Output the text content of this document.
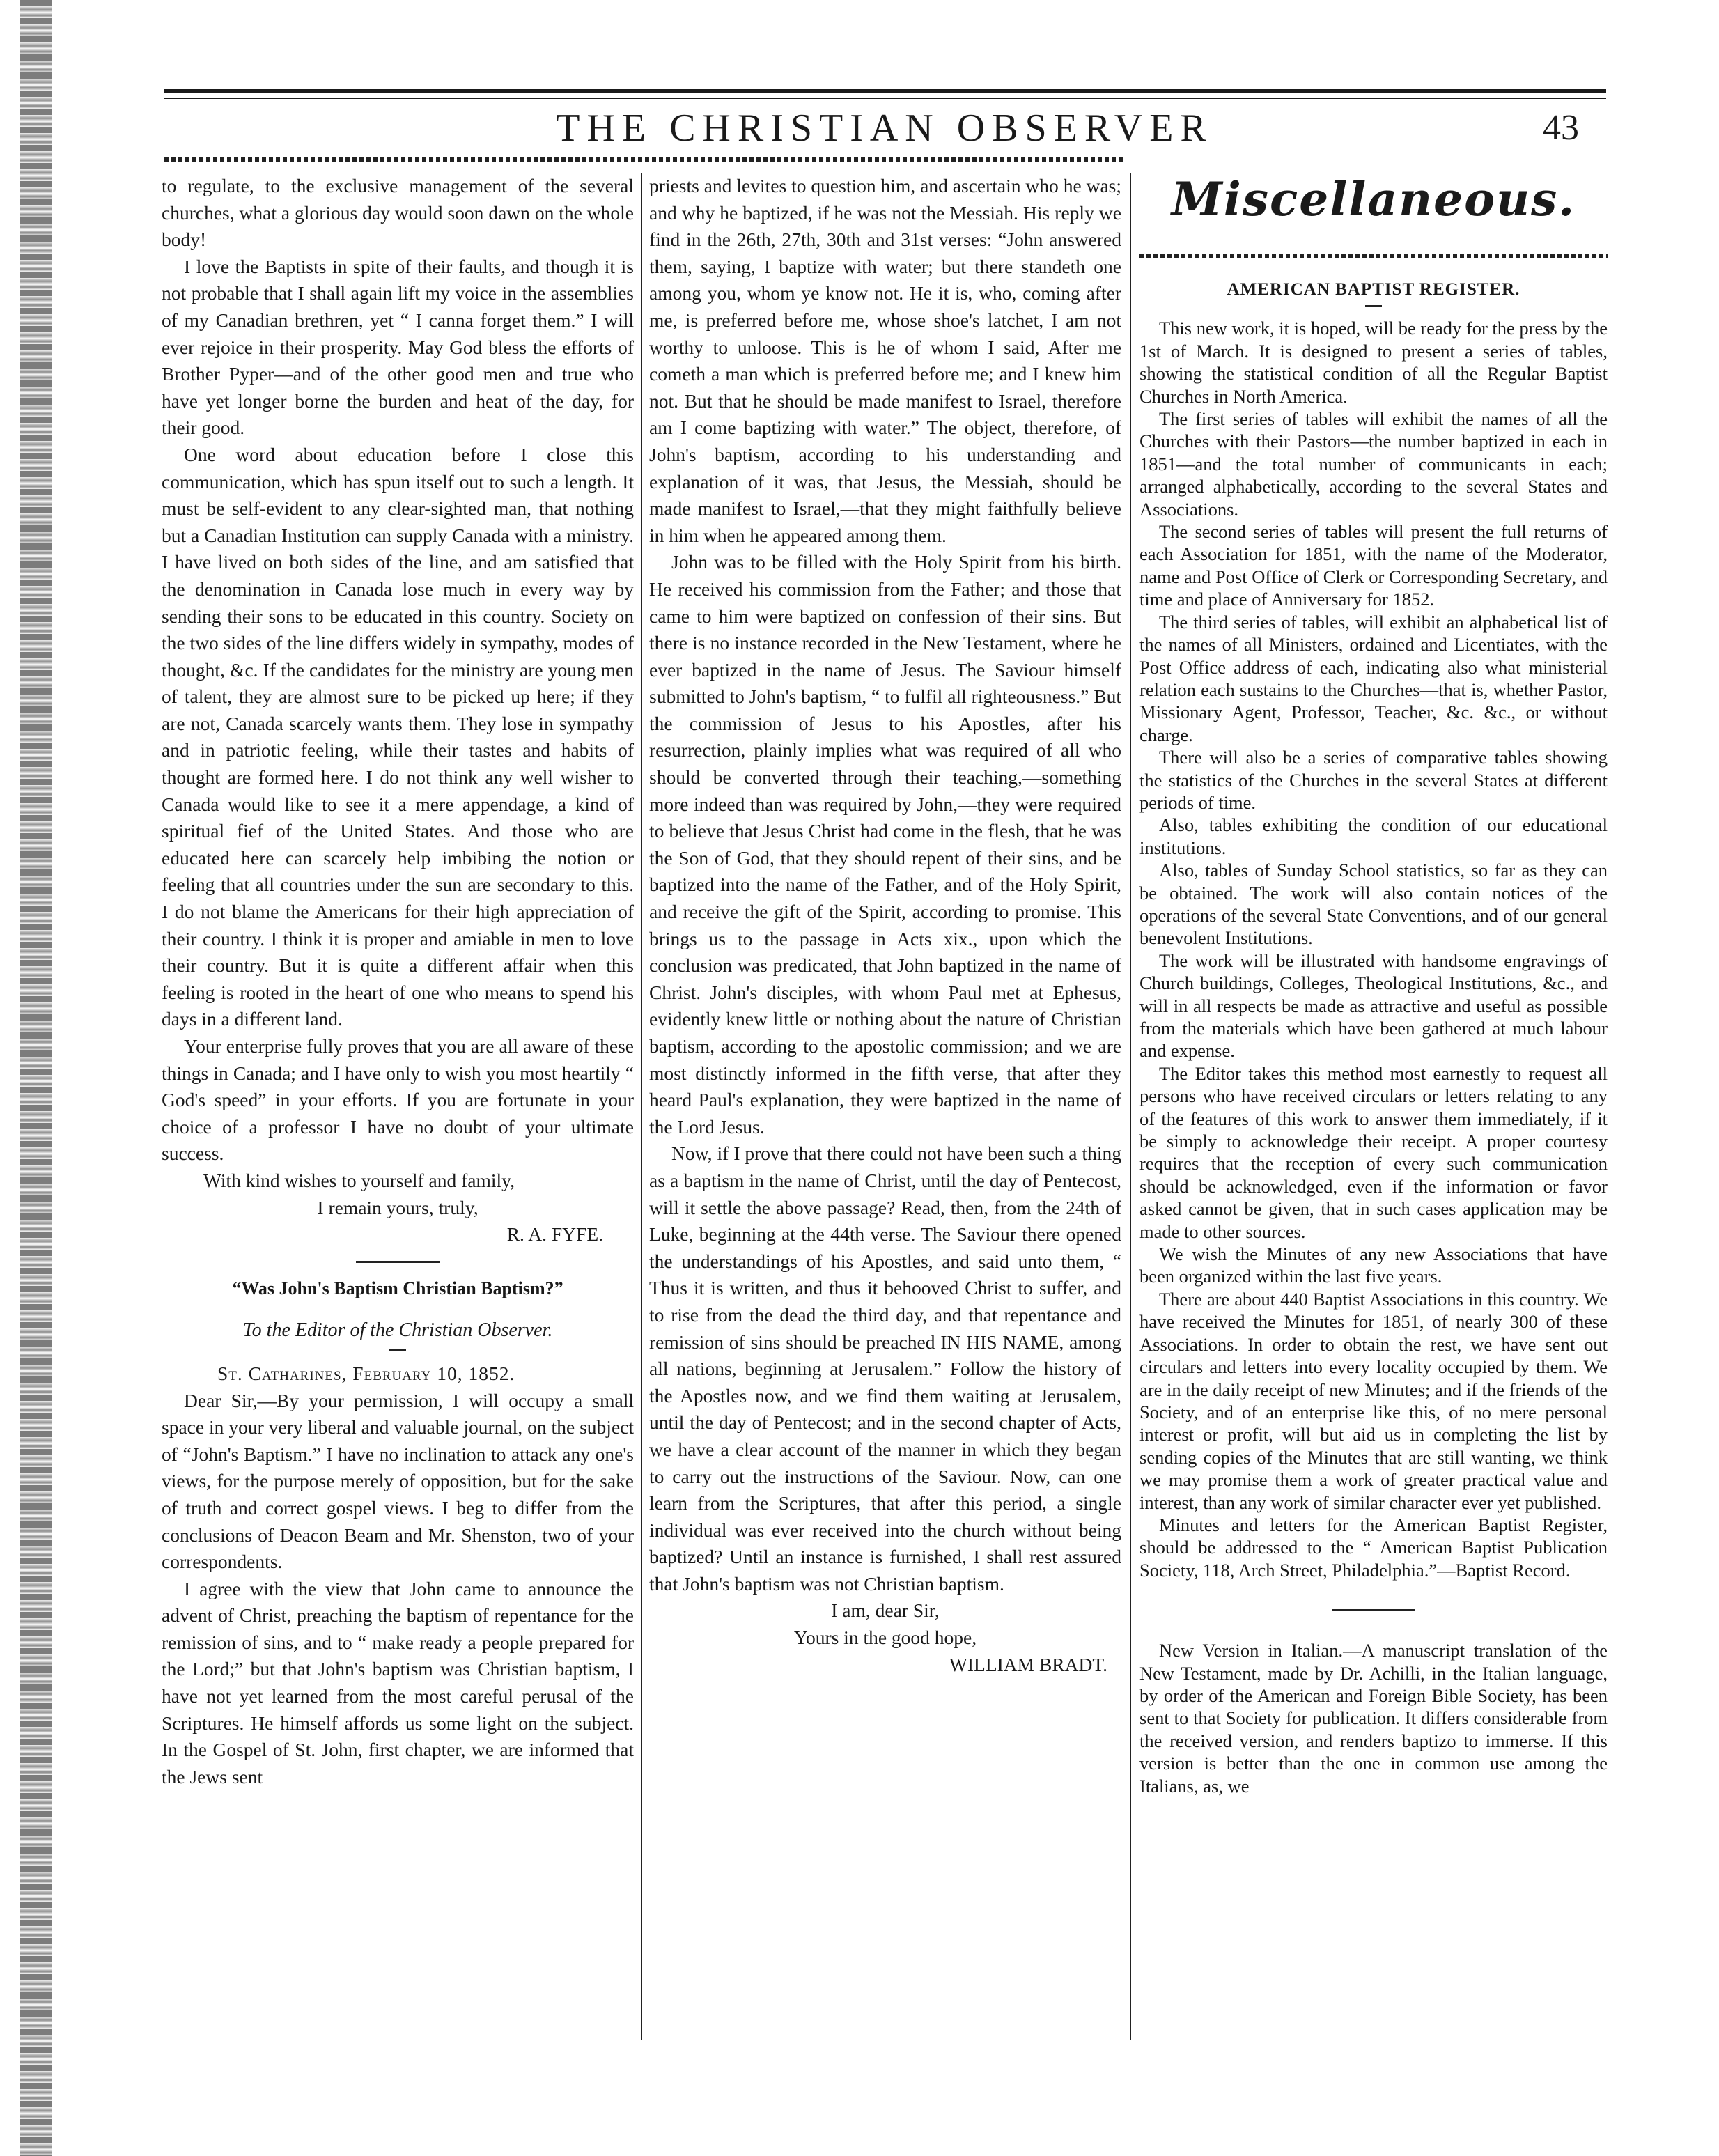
THE CHRISTIAN OBSERVER	43

to regulate, to the exclusive management of the several churches, what a glorious day would soon dawn on the whole body!

I love the Baptists in spite of their faults, and though it is not probable that I shall again lift my voice in the assemblies of my Canadian brethren, yet “ I canna forget them.” I will ever rejoice in their prosperity. May God bless the efforts of Brother Pyper—and of the other good men and true who have yet longer borne the burden and heat of the day, for their good.

One word about education before I close this communication, which has spun itself out to such a length. It must be self-evident to any clear-sighted man, that nothing but a Canadian Institution can supply Canada with a ministry. I have lived on both sides of the line, and am satisfied that the denomination in Canada lose much in every way by sending their sons to be educated in this country. Society on the two sides of the line differs widely in sympathy, modes of thought, &c. If the candidates for the ministry are young men of talent, they are almost sure to be picked up here; if they are not, Canada scarcely wants them. They lose in sympathy and in patriotic feeling, while their tastes and habits of thought are formed here. I do not think any well wisher to Canada would like to see it a mere appendage, a kind of spiritual fief of the United States. And those who are educated here can scarcely help imbibing the notion or feeling that all countries under the sun are secondary to this. I do not blame the Americans for their high appreciation of their country. I think it is proper and amiable in men to love their country. But it is quite a different affair when this feeling is rooted in the heart of one who means to spend his days in a different land.

Your enterprise fully proves that you are all aware of these things in Canada; and I have only to wish you most heartily “ God's speed” in your efforts. If you are fortunate in your choice of a professor I have no doubt of your ultimate success.

With kind wishes to yourself and family,

I remain yours, truly,

R. A. FYFE.

“Was John's Baptism Christian Baptism?”
To the Editor of the Christian Observer.

St. Catharines, February 10, 1852.

Dear Sir,—By your permission, I will occupy a small space in your very liberal and valuable journal, on the subject of “John's Baptism.” I have no inclination to attack any one's views, for the purpose merely of opposition, but for the sake of truth and correct gospel views. I beg to differ from the conclusions of Deacon Beam and Mr. Shenston, two of your correspondents.

I agree with the view that John came to announce the advent of Christ, preaching the baptism of repentance for the remission of sins, and to “ make ready a people prepared for the Lord;” but that John's baptism was Christian baptism, I have not yet learned from the most careful perusal of the Scriptures. He himself affords us some light on the subject. In the Gospel of St. John, first chapter, we are informed that the Jews sent

priests and levites to question him, and ascertain who he was; and why he baptized, if he was not the Messiah. His reply we find in the 26th, 27th, 30th and 31st verses: “John answered them, saying, I baptize with water; but there standeth one among you, whom ye know not. He it is, who, coming after me, is preferred before me, whose shoe's latchet, I am not worthy to unloose. This is he of whom I said, After me cometh a man which is preferred before me; and I knew him not. But that he should be made manifest to Israel, therefore am I come baptizing with water.” The object, therefore, of John's baptism, according to his understanding and explanation of it was, that Jesus, the Messiah, should be made manifest to Israel,—that they might faithfully believe in him when he appeared among them.

John was to be filled with the Holy Spirit from his birth. He received his commission from the Father; and those that came to him were baptized on confession of their sins. But there is no instance recorded in the New Testament, where he ever baptized in the name of Jesus. The Saviour himself submitted to John's baptism, “ to fulfil all righteousness.” But the commission of Jesus to his Apostles, after his resurrection, plainly implies what was required of all who should be converted through their teaching,—something more indeed than was required by John,—they were required to believe that Jesus Christ had come in the flesh, that he was the Son of God, that they should repent of their sins, and be baptized into the name of the Father, and of the Holy Spirit, and receive the gift of the Spirit, according to promise. This brings us to the passage in Acts xix., upon which the conclusion was predicated, that John baptized in the name of Christ. John's disciples, with whom Paul met at Ephesus, evidently knew little or nothing about the nature of Christian baptism, according to the apostolic commission; and we are most distinctly informed in the fifth verse, that after they heard Paul's explanation, they were baptized in the name of the Lord Jesus.

Now, if I prove that there could not have been such a thing as a baptism in the name of Christ, until the day of Pentecost, will it settle the above passage? Read, then, from the 24th of Luke, beginning at the 44th verse. The Saviour there opened the understandings of his Apostles, and said unto them, “ Thus it is written, and thus it behooved Christ to suffer, and to rise from the dead the third day, and that repentance and remission of sins should be preached IN HIS NAME, among all nations, beginning at Jerusalem.” Follow the history of the Apostles now, and we find them waiting at Jerusalem, until the day of Pentecost; and in the second chapter of Acts, we have a clear account of the manner in which they began to carry out the instructions of the Saviour. Now, can one learn from the Scriptures, that after this period, a single individual was ever received into the church without being baptized? Until an instance is furnished, I shall rest assured that John's baptism was not Christian baptism.

I am, dear Sir,

Yours in the good hope,

WILLIAM BRADT.

Miscellaneous.
AMERICAN BAPTIST REGISTER.

This new work, it is hoped, will be ready for the press by the 1st of March. It is designed to present a series of tables, showing the statistical condition of all the Regular Baptist Churches in North America.

The first series of tables will exhibit the names of all the Churches with their Pastors—the number baptized in each in 1851—and the total number of communicants in each; arranged alphabetically, according to the several States and Associations.

The second series of tables will present the full returns of each Association for 1851, with the name of the Moderator, name and Post Office of Clerk or Corresponding Secretary, and time and place of Anniversary for 1852.

The third series of tables, will exhibit an alphabetical list of the names of all Ministers, ordained and Licentiates, with the Post Office address of each, indicating also what ministerial relation each sustains to the Churches—that is, whether Pastor, Missionary Agent, Professor, Teacher, &c. &c., or without charge.

There will also be a series of comparative tables showing the statistics of the Churches in the several States at different periods of time.

Also, tables exhibiting the condition of our educational institutions.

Also, tables of Sunday School statistics, so far as they can be obtained. The work will also contain notices of the operations of the several State Conventions, and of our general benevolent Institutions.

The work will be illustrated with handsome engravings of Church buildings, Colleges, Theological Institutions, &c., and will in all respects be made as attractive and useful as possible from the materials which have been gathered at much labour and expense.

The Editor takes this method most earnestly to request all persons who have received circulars or letters relating to any of the features of this work to answer them immediately, if it be simply to acknowledge their receipt. A proper courtesy requires that the reception of every such communication should be acknowledged, even if the information or favor asked cannot be given, that in such cases application may be made to other sources.

We wish the Minutes of any new Associations that have been organized within the last five years.

There are about 440 Baptist Associations in this country. We have received the Minutes for 1851, of nearly 300 of these Associations. In order to obtain the rest, we have sent out circulars and letters into every locality occupied by them. We are in the daily receipt of new Minutes; and if the friends of the Society, and of an enterprise like this, of no mere personal interest or profit, will but aid us in completing the list by sending copies of the Minutes that are still wanting, we think we may promise them a work of greater practical value and interest, than any work of similar character ever yet published.

Minutes and letters for the American Baptist Register, should be addressed to the “ American Baptist Publication Society, 118, Arch Street, Philadelphia.”—Baptist Record.

New Version in Italian.—A manuscript translation of the New Testament, made by Dr. Achilli, in the Italian language, by order of the American and Foreign Bible Society, has been sent to that Society for publication. It differs considerable from the received version, and renders baptizo to immerse. If this version is better than the one in common use among the Italians, as, we
